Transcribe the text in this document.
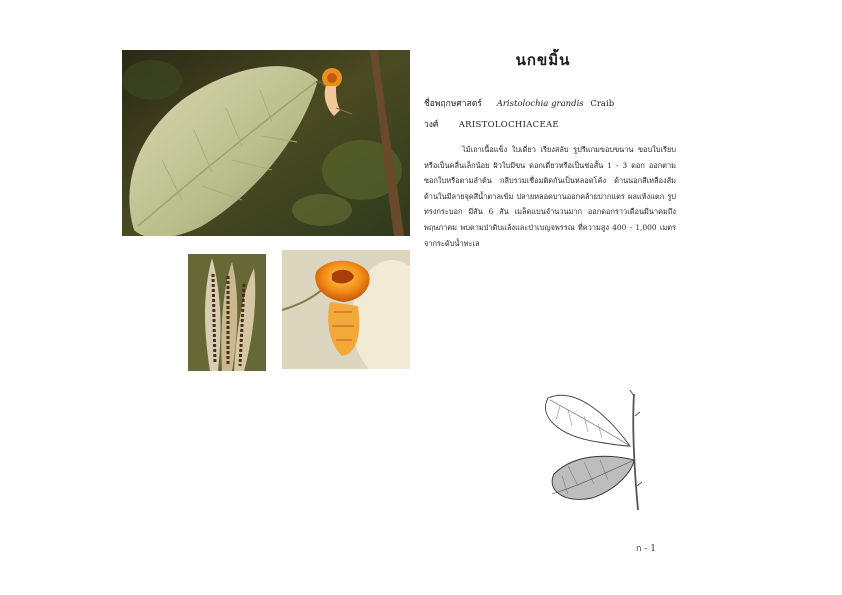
นกขมิ้น
ชื่อพฤกษศาสตร์ Aristolochia grandis Craib
วงศ์ ARISTOLOCHIACEAE
ไม้เถาเนื้อแข็ง ใบเดี่ยว เรียงสลับ รูปรีแกมขอบขนาน ขอบใบเรียบหรือเป็นคลื่นเล็กน้อย ผิวใบมีขน ดอกเดี่ยวหรือเป็นช่อสั้น 1 - 3 ดอก ออกตามซอกใบหรือตามลำต้น กลีบรวมเชื่อมติดกันเป็นหลอดโค้ง ด้านนอกสีเหลืองส้ม ด้านในมีลายจุดสีน้ำตาลเข้ม ปลายหลอดบานออกคล้ายปากแตร ผลแห้งแตก รูปทรงกระบอก มีสัน 6 สัน เมล็ดแบนจำนวนมาก ออกดอกราวเดือนมีนาคมถึงพฤษภาคม พบตามป่าดิบแล้งและป่าเบญจพรรณ ที่ความสูง 400 - 1,000 เมตรจากระดับน้ำทะเล
ก - 1
